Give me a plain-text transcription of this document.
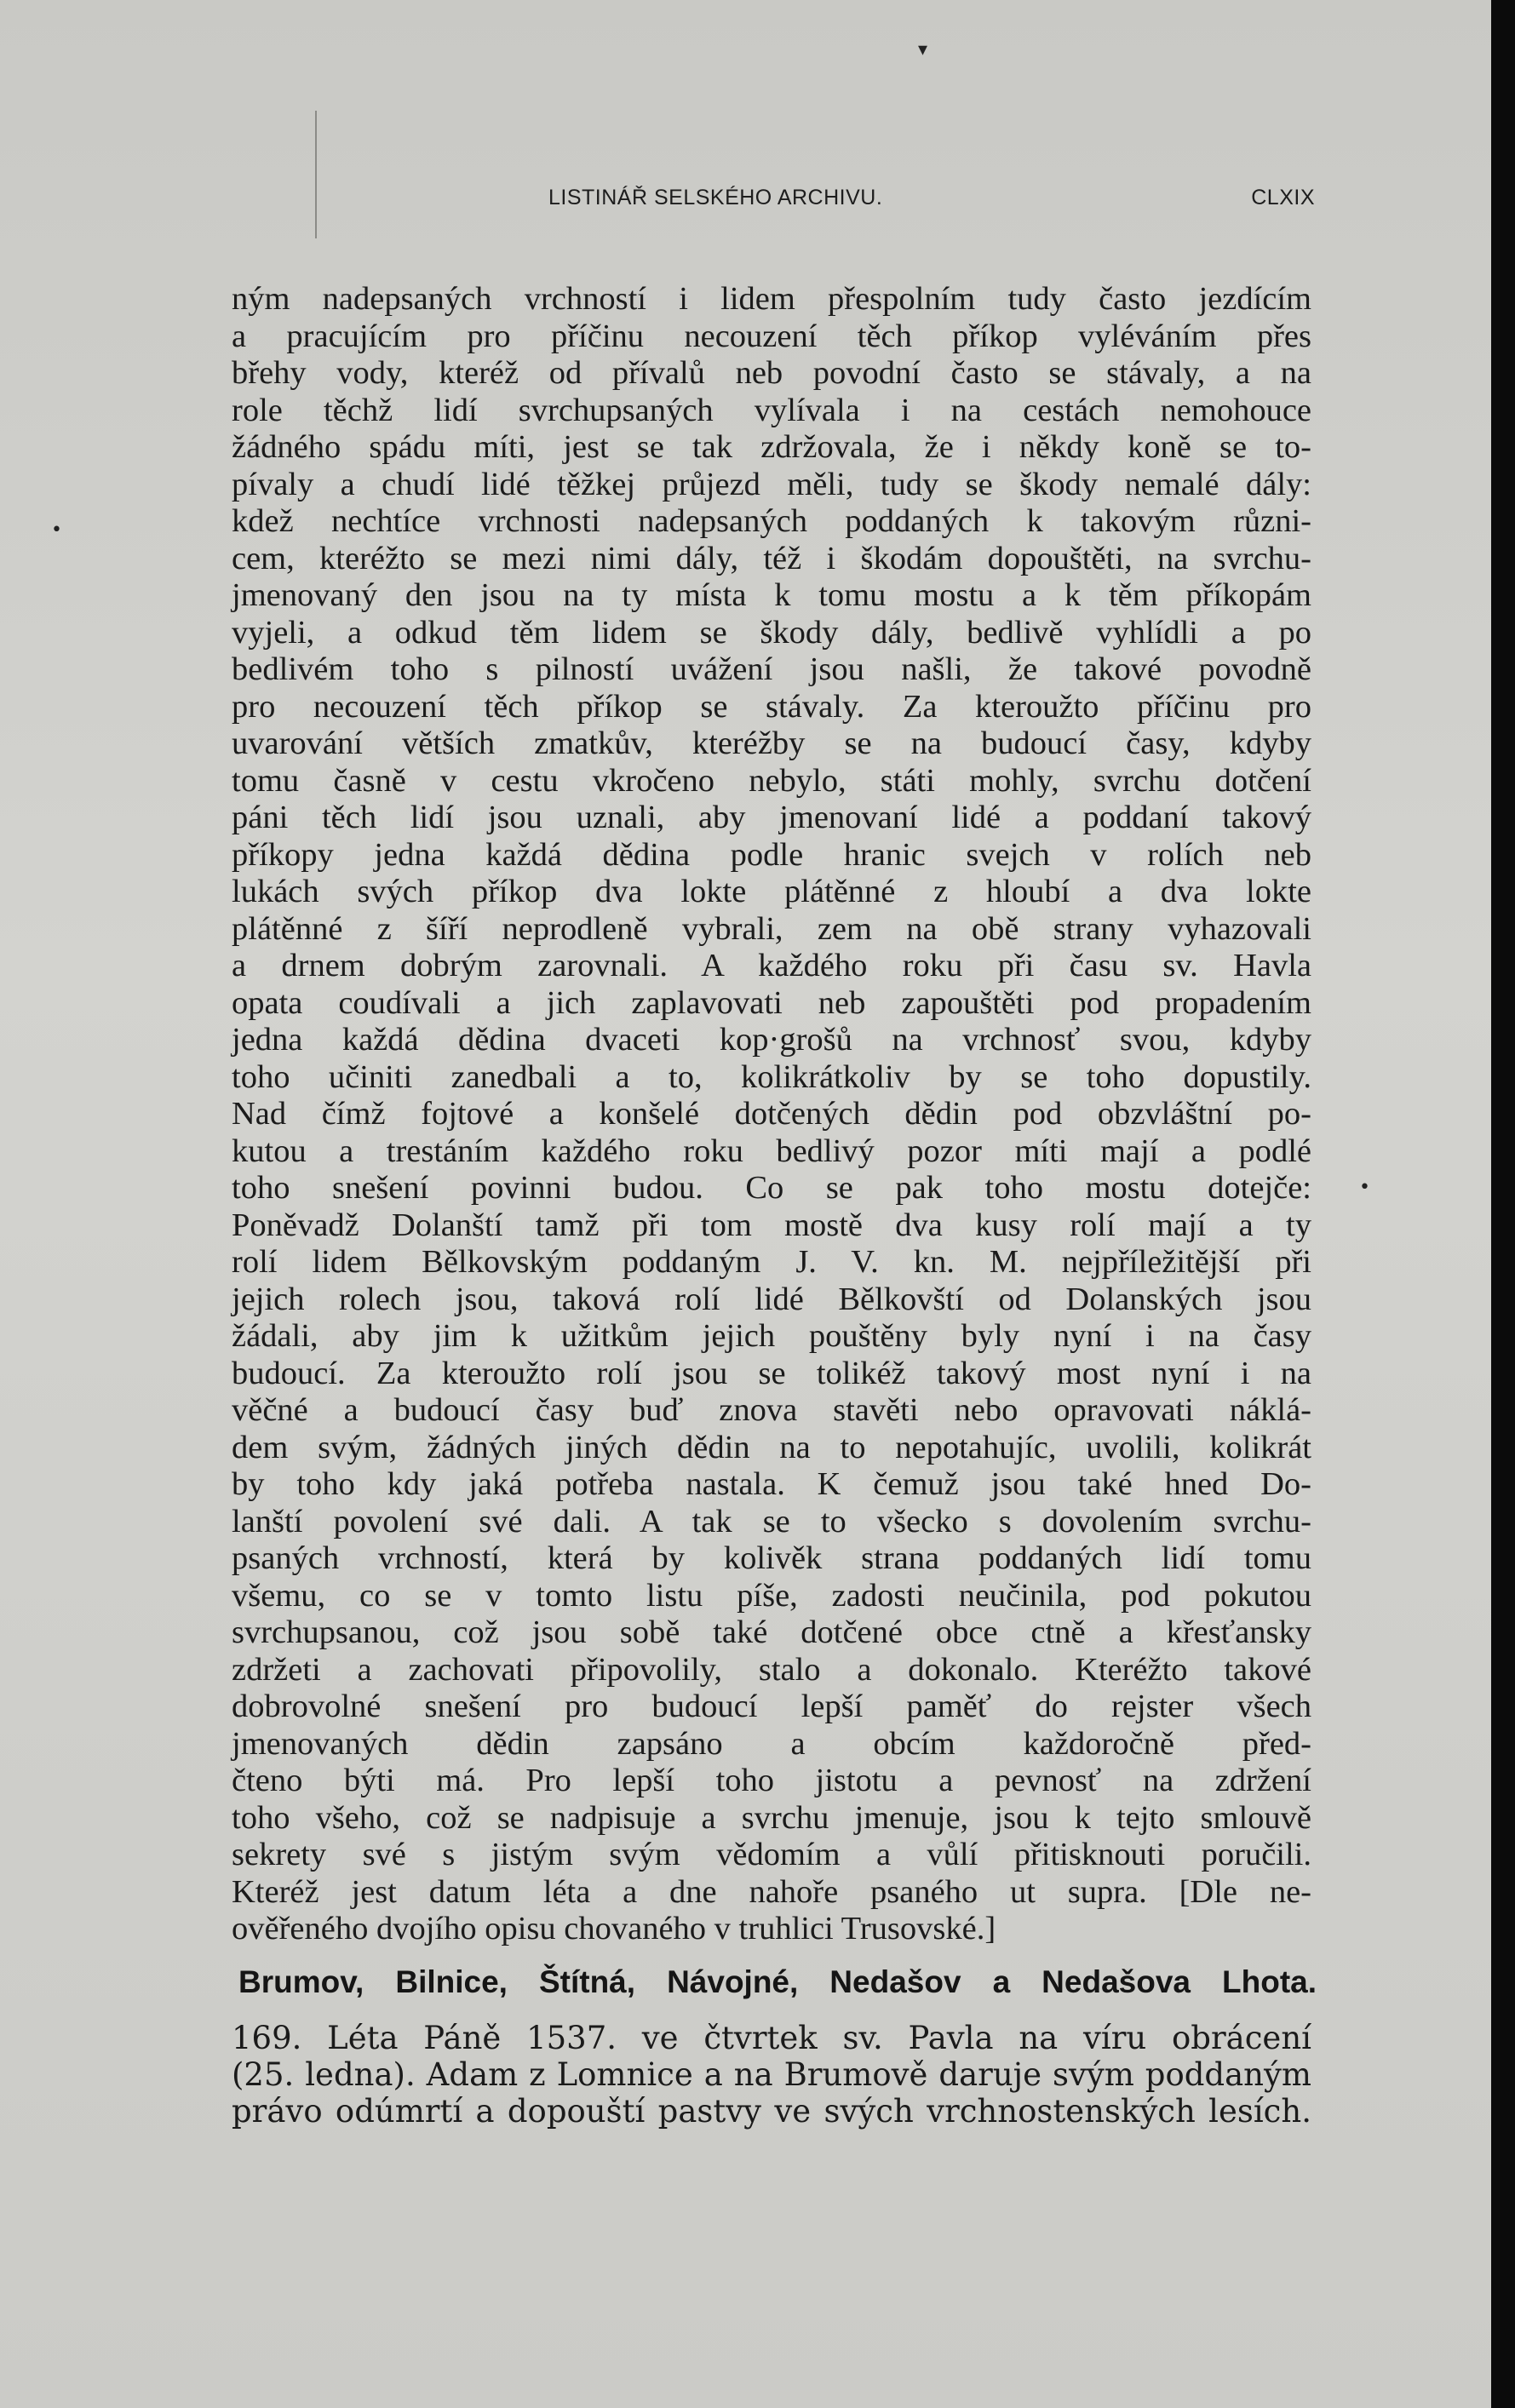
LISTINÁŘ SELSKÉHO ARCHIVU.	CLXIX
ným nadepsaných vrchností i lidem přespolním tudy často jezdícím
a pracujícím pro příčinu necouzení těch příkop vyléváním přes
břehy vody, kteréž od přívalů neb povodní často se stávaly, a na
role těchž lidí svrchupsaných vylívala i na cestách nemohouce
žádného spádu míti, jest se tak zdržovala, že i někdy koně se to-
pívaly a chudí lidé těžkej průjezd měli, tudy se škody nemalé dály:
kdež nechtíce vrchnosti nadepsaných poddaných k takovým různi-
cem, kteréžto se mezi nimi dály, též i škodám dopouštěti, na svrchu-
jmenovaný den jsou na ty místa k tomu mostu a k těm příkopám
vyjeli, a odkud těm lidem se škody dály, bedlivě vyhlídli a po
bedlivém toho s pilností uvážení jsou našli, že takové povodně
pro necouzení těch příkop se stávaly. Za kteroužto příčinu pro
uvarování větších zmatkův, kteréžby se na budoucí časy, kdyby
tomu časně v cestu vkročeno nebylo, státi mohly, svrchu dotčení
páni těch lidí jsou uznali, aby jmenovaní lidé a poddaní takový
příkopy jedna každá dědina podle hranic svejch v rolích neb
lukách svých příkop dva lokte plátěnné z hloubí a dva lokte
plátěnné z šíří neprodleně vybrali, zem na obě strany vyhazovali
a drnem dobrým zarovnali. A každého roku při času sv. Havla
opata coudívali a jich zaplavovati neb zapouštěti pod propadením
jedna každá dědina dvaceti kop·grošů na vrchnosť svou, kdyby
toho učiniti zanedbali a to, kolikrátkoliv by se toho dopustily.
Nad čímž fojtové a konšelé dotčených dědin pod obzvláštní po-
kutou a trestáním každého roku bedlivý pozor míti mají a podlé
toho snešení povinni budou. Co se pak toho mostu dotejče:
Poněvadž Dolanští tamž při tom mostě dva kusy rolí mají a ty
rolí lidem Bělkovským poddaným J. V. kn. M. nejpříležitější při
jejich rolech jsou, taková rolí lidé Bělkovští od Dolanských jsou
žádali, aby jim k užitkům jejich pouštěny byly nyní i na časy
budoucí. Za kteroužto rolí jsou se tolikéž takový most nyní i na
věčné a budoucí časy buď znova stavěti nebo opravovati náklá-
dem svým, žádných jiných dědin na to nepotahujíc, uvolili, kolikrát
by toho kdy jaká potřeba nastala. K čemuž jsou také hned Do-
lanští povolení své dali. A tak se to všecko s dovolením svrchu-
psaných vrchností, která by kolivěk strana poddaných lidí tomu
všemu, co se v tomto listu píše, zadosti neučinila, pod pokutou
svrchupsanou, což jsou sobě také dotčené obce ctně a křesťansky
zdržeti a zachovati připovolily, stalo a dokonalo. Kteréžto takové
dobrovolné snešení pro budoucí lepší paměť do rejster všech
jmenovaných dědin zapsáno a obcím každoročně před-
čteno býti má. Pro lepší toho jistotu a pevnosť na zdržení
toho všeho, což se nadpisuje a svrchu jmenuje, jsou k tejto smlouvě
sekrety své s jistým svým vědomím a vůlí přitisknouti poručili.
Kteréž jest datum léta a dne nahoře psaného ut supra. [Dle ne-
ověřeného dvojího opisu chovaného v truhlici Trusovské.]
Brumov, Bilnice, Štítná, Návojné, Nedašov a Nedašova Lhota.
169. Léta Páně 1537. ve čtvrtek sv. Pavla na víru obrácení
(25. ledna). Adam z Lomnice a na Brumově daruje svým poddaným
právo odúmrtí a dopouští pastvy ve svých vrchnostenských lesích.
▾
•
•
